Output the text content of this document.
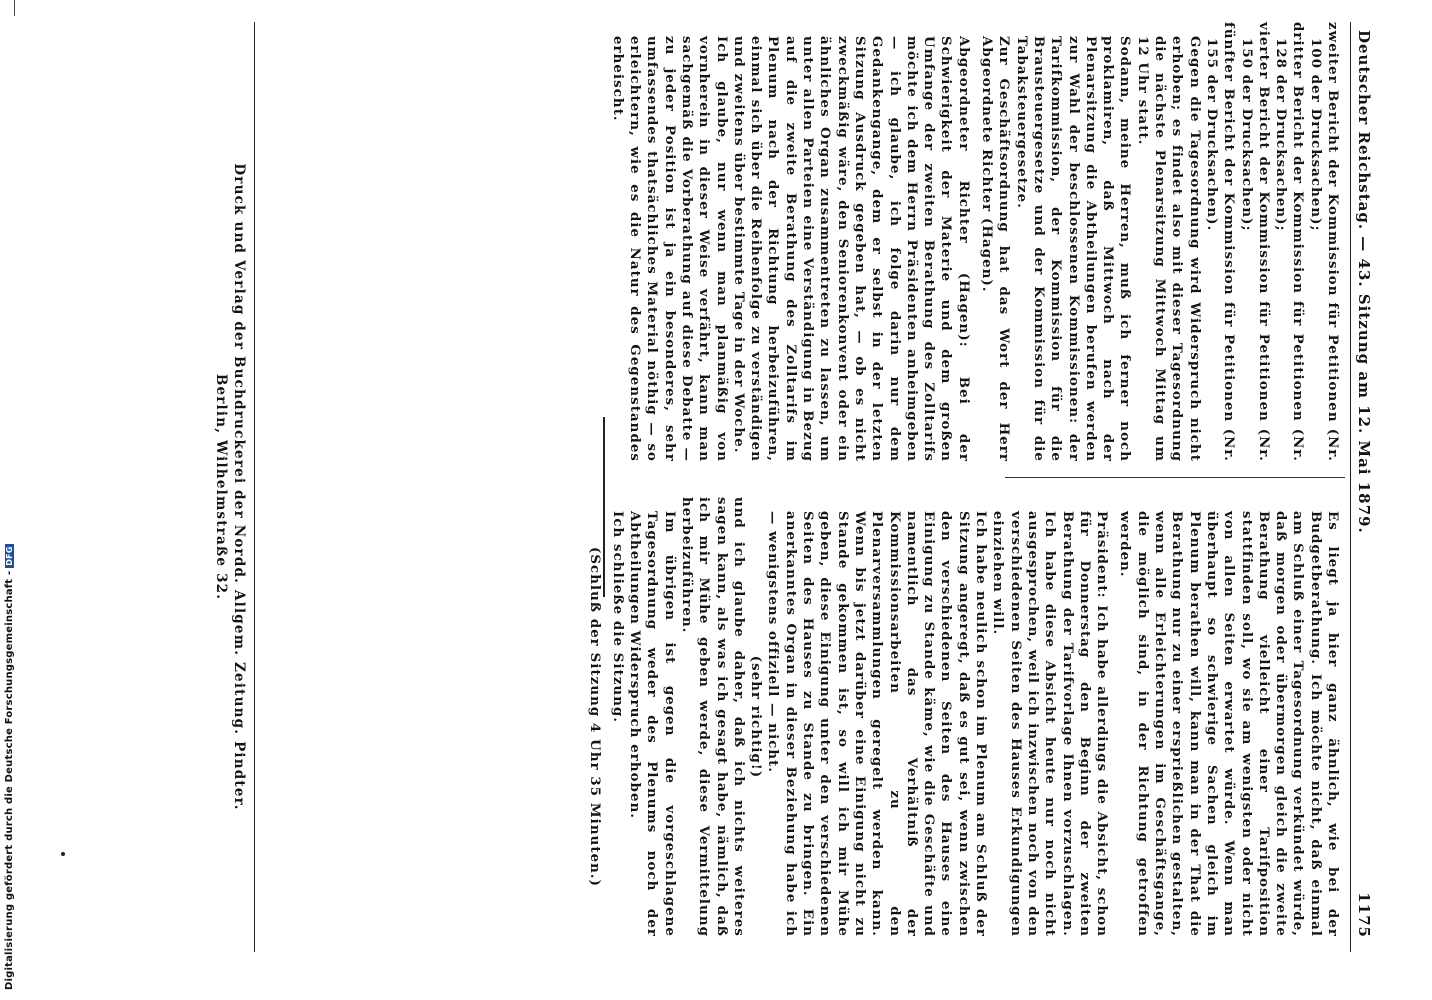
Deutscher Reichstag. — 43. Sitzung am 12. Mai 1879.
1175

zweiter Bericht der Kommission für Petitionen (Nr. 100 der Drucksachen);

dritter Bericht der Kommission für Petitionen (Nr. 128 der Drucksachen);

vierter Bericht der Kommission für Petitionen (Nr. 150 der Drucksachen);

fünfter Bericht der Kommission für Petitionen (Nr. 155 der Drucksachen).

Gegen die Tagesordnung wird Widerspruch nicht erhoben; es findet also mit dieser Tagesordnung die nächste Plenarsitzung Mittwoch Mittag um 12 Uhr statt.

Sodann, meine Herren, muß ich ferner noch proklamiren, daß Mittwoch nach der Plenarsitzung die Abtheilungen berufen werden zur Wahl der beschlossenen Kommissionen: der Tarifkommission, der Kommission für die Brausteuergesetze und der Kommission für die Tabaksteuergesetze.

Zur Geschäftsordnung hat das Wort der Herr Abgeordnete Richter (Hagen).

Abgeordneter Richter (Hagen): Bei der Schwierigkeit der Materie und dem großen Umfange der zweiten Berathung des Zolltarifs möchte ich dem Herrn Präsidenten anheimgeben — ich glaube, ich folge darin nur dem Gedankengange, dem er selbst in der letzten Sitzung Ausdruck gegeben hat, — ob es nicht zweckmäßig wäre, den Seniorenkonvent oder ein ähnliches Organ zusammentreten zu lassen, um unter allen Parteien eine Verständigung in Bezug auf die zweite Berathung des Zolltarifs im Plenum nach der Richtung herbeizuführen, einmal sich über die Reihenfolge zu verständigen und zweitens über bestimmte Tage in der Woche.

Ich glaube, nur wenn man planmäßig von vornherein in dieser Weise verfährt, kann man sachgemäß die Vorberathung auf diese Debatte — zu jeder Position ist ja ein besonderes, sehr umfassendes thatsächliches Material nöthig — so erleichtern, wie es die Natur des Gegenstandes erheischt.

Es liegt ja hier ganz ähnlich, wie bei der Budgetberathung. Ich möchte nicht, daß einmal am Schluß einer Tagesordnung verkündet würde, daß morgen oder übermorgen gleich die zweite Berathung vielleicht einer Tarifposition stattfinden soll, wo sie am wenigsten oder nicht von allen Seiten erwartet würde. Wenn man überhaupt so schwierige Sachen gleich im Plenum berathen will, kann man in der That die Berathung nur zu einer ersprießlichen gestalten, wenn alle Erleichterungen im Geschäftsgange, die möglich sind, in der Richtung getroffen werden.

Präsident: Ich habe allerdings die Absicht, schon für Donnerstag den Beginn der zweiten Berathung der Tarifvorlage Ihnen vorzuschlagen. Ich habe diese Absicht heute nur noch nicht ausgesprochen, weil ich inzwischen noch von den verschiedenen Seiten des Hauses Erkundigungen einziehen will.

Ich habe neulich schon im Plenum am Schluß der Sitzung angeregt, daß es gut sei, wenn zwischen den verschiedenen Seiten des Hauses eine Einigung zu Stande käme, wie die Geschäfte und namentlich das Verhältniß der Kommissionsarbeiten zu den Plenarversammlungen geregelt werden kann. Wenn bis jetzt darüber eine Einigung nicht zu Stande gekommen ist, so will ich mir Mühe geben, diese Einigung unter den verschiedenen Seiten des Hauses zu Stande zu bringen. Ein anerkanntes Organ in dieser Beziehung habe ich — wenigstens offiziell — nicht.

(sehr richtig!)

und ich glaube daher, daß ich nichts weiteres sagen kann, als was ich gesagt habe, nämlich, daß ich mir Mühe geben werde, diese Vermittelung herbeizuführen.

Im übrigen ist gegen die vorgeschlagene Tagesordnung weder des Plenums noch der Abtheilungen Widerspruch erhoben.

Ich schließe die Sitzung.

(Schluß der Sitzung 4 Uhr 35 Minuten.)

Druck und Verlag der Buchdruckerei der Nordd. Allgem. Zeitung. Pindter.
Berlin, Wilhelmstraße 32.
Digitalisierung gefördert durch die Deutsche Forschungsgemeinschaft -DFG
